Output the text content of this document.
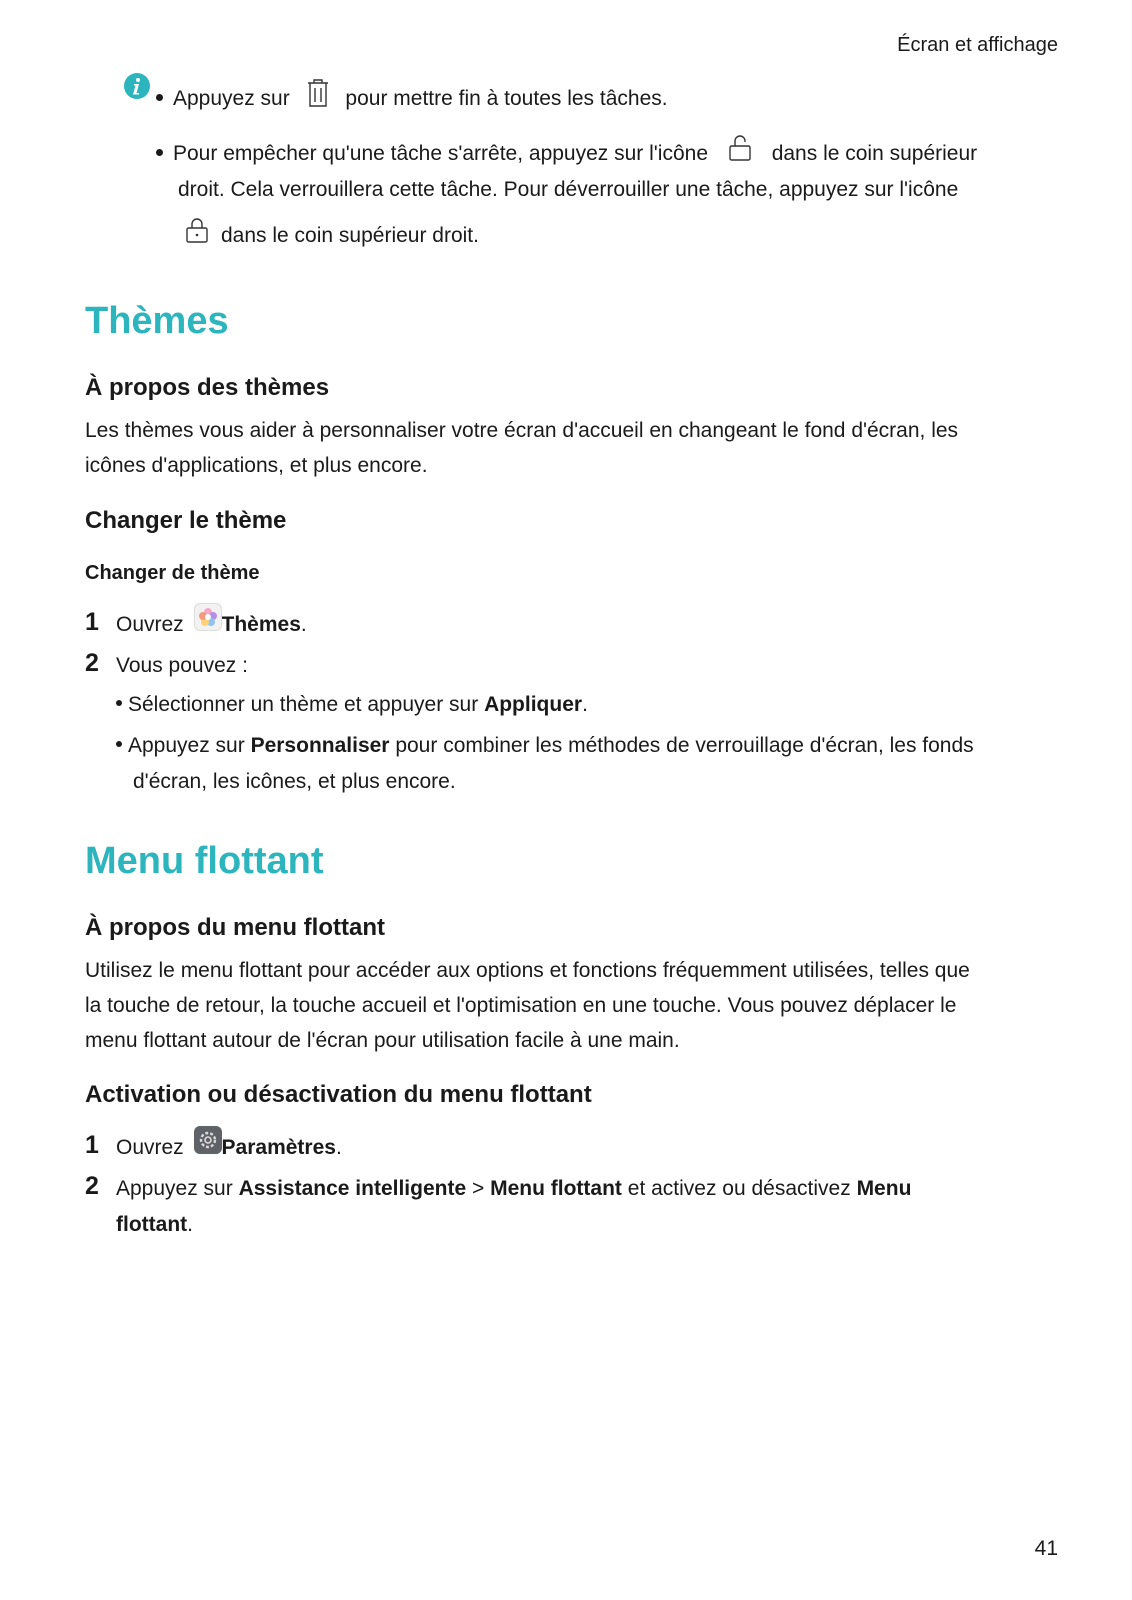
Écran et affichage
Appuyez sur	pour mettre fin à toutes les tâches.
Pour empêcher qu'une tâche s'arrête, appuyez sur l'icône	dans le coin supérieur
droit. Cela verrouillera cette tâche. Pour déverrouiller une tâche, appuyez sur l'icône
dans le coin supérieur droit.
Thèmes
À propos des thèmes
Les thèmes vous aider à personnaliser votre écran d'accueil en changeant le fond d'écran, les
icônes d'applications, et plus encore.
Changer le thème
Changer de thème
1 Ouvrez Thèmes.
2 Vous pouvez :
Sélectionner un thème et appuyer sur Appliquer.
Appuyez sur Personnaliser pour combiner les méthodes de verrouillage d'écran, les fonds
d'écran, les icônes, et plus encore.
Menu flottant
À propos du menu flottant
Utilisez le menu flottant pour accéder aux options et fonctions fréquemment utilisées, telles que
la touche de retour, la touche accueil et l'optimisation en une touche. Vous pouvez déplacer le
menu flottant autour de l'écran pour utilisation facile à une main.
Activation ou désactivation du menu flottant
1 Ouvrez Paramètres.
2 Appuyez sur Assistance intelligente > Menu flottant et activez ou désactivez Menu
flottant.
41
